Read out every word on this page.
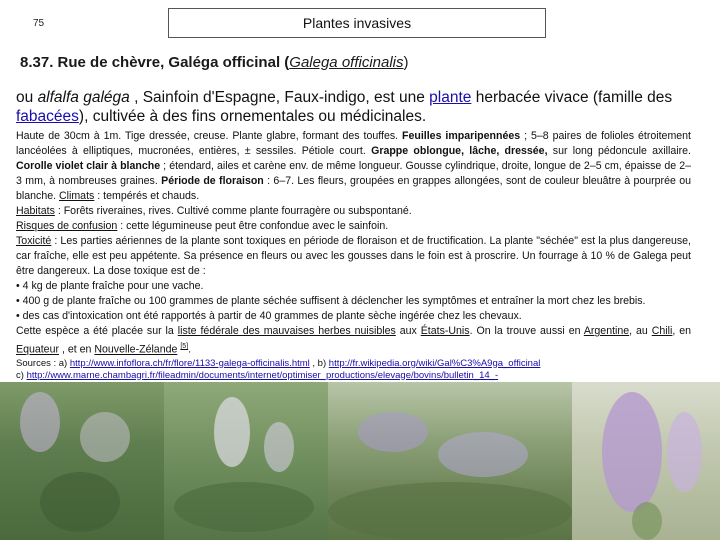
75	Plantes invasives
8.37. Rue de chèvre, Galéga officinal (Galega officinalis)
ou alfalfa galéga , Sainfoin d'Espagne, Faux-indigo, est une plante herbacée vivace (famille des fabacées), cultivée à des fins ornementales ou médicinales.

Haute de 30cm à 1m. Tige dressée, creuse. Plante glabre, formant des touffes. Feuilles imparipennées ; 5–8 paires de folioles étroitement lancéolées à elliptiques, mucronées, entières, ± sessiles. Pétiole court. Grappe oblongue, lâche, dressée, sur long pédoncule axillaire. Corolle violet clair à blanche ; étendard, ailes et carène env. de même longueur. Gousse cylindrique, droite, longue de 2–5 cm, épaisse de 2–3 mm, à nombreuses graines. Période de floraison : 6–7. Les fleurs, groupées en grappes allongées, sont de couleur bleuâtre à pourprée ou blanche. Climats : tempérés et chauds.

Habitats : Forêts riveraines, rives. Cultivé comme plante fourragère ou subspontané.

Risques de confusion : cette légumineuse peut être confondue avec le sainfoin.

Toxicité : Les parties aériennes de la plante sont toxiques en période de floraison et de fructification. La plante "séchée" est la plus dangereuse, car fraîche, elle est peu appétente. Sa présence en fleurs ou avec les gousses dans le foin est à proscrire. Un fourrage à 10 % de Galega peut être dangereux. La dose toxique est de :

• 4 kg de plante fraîche pour une vache.

• 400 g de plante fraîche ou 100 grammes de plante séchée suffisent à déclencher les symptômes et entraîner la mort chez les brebis.

• des cas d'intoxication ont été rapportés à partir de 40 grammes de plante sèche ingérée chez les chevaux.

Cette espèce a été placée sur la liste fédérale des mauvaises herbes nuisibles aux États-Unis. On la trouve aussi en Argentine, au Chili, en Equateur , et en Nouvelle-Zélande [5].

Sources : a) http://www.infoflora.ch/fr/flore/1133-galega-officinalis.html , b) http://fr.wikipedia.org/wiki/Gal%C3%A9ga_officinal

c) http://www.marne.chambagri.fr/fileadmin/documents/internet/optimiser_productions/elevage/bovins/bulletin_14_-
